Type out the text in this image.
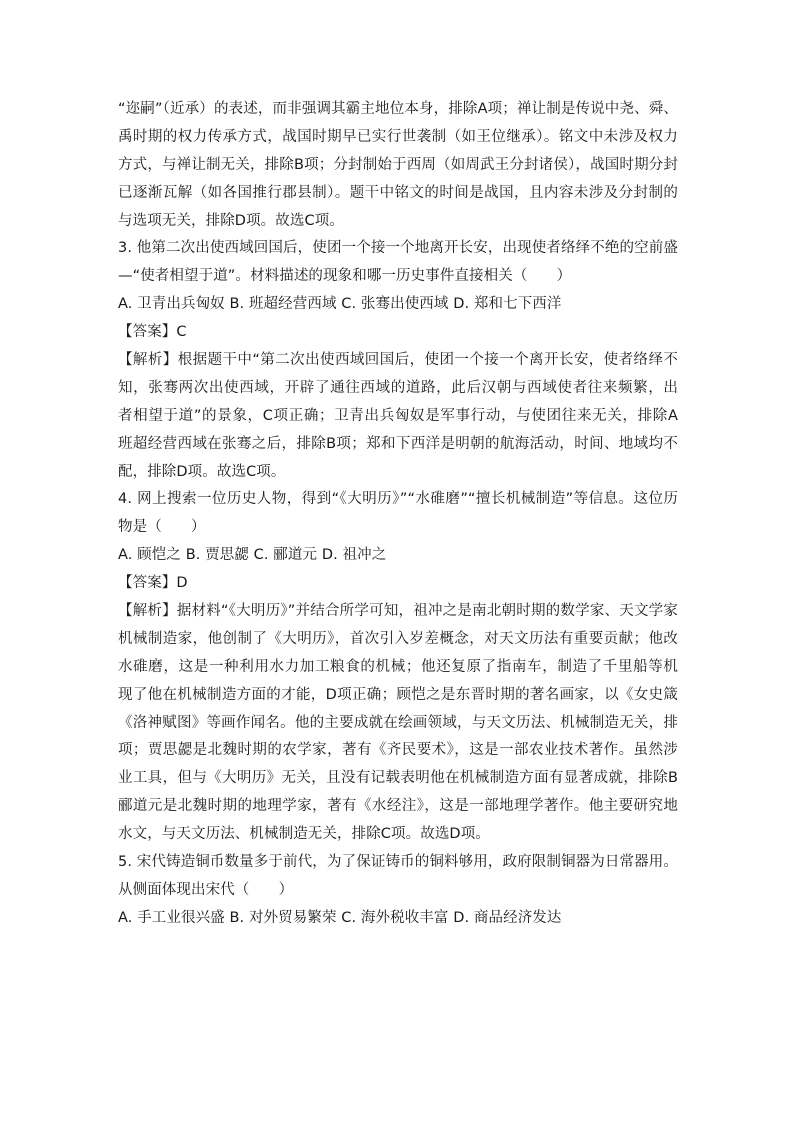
“迩嗣”（近承）的表述，而非强调其霸主地位本身，排除A项；禅让制是传说中尧、舜、
禹时期的权力传承方式，战国时期早已实行世袭制（如王位继承）。铭文中未涉及权力
方式，与禅让制无关，排除B项；分封制始于西周（如周武王分封诸侯），战国时期分封
已逐渐瓦解（如各国推行郡县制）。题干中铭文的时间是战国，且内容未涉及分封制的
与选项无关，排除D项。故选C项。
3. 他第二次出使西域回国后，使团一个接一个地离开长安，出现使者络绎不绝的空前盛
—“使者相望于道”。材料描述的现象和哪一历史事件直接相关（　　）
A. 卫青出兵匈奴 B. 班超经营西域 C. 张骞出使西域 D. 郑和七下西洋
【答案】C
【解析】根据题干中“第二次出使西域回国后，使团一个接一个离开长安，使者络绎不
知，张骞两次出使西域，开辟了通往西域的道路，此后汉朝与西域使者往来频繁，出
者相望于道”的景象，C项正确；卫青出兵匈奴是军事行动，与使团往来无关，排除A
班超经营西域在张骞之后，排除B项；郑和下西洋是明朝的航海活动，时间、地域均不
配，排除D项。故选C项。
4. 网上搜索一位历史人物，得到“《大明历》”“水碓磨”“擅长机械制造”等信息。这位历
物是（　　）
A. 顾恺之 B. 贾思勰 C. 郦道元 D. 祖冲之
【答案】D
【解析】据材料“《大明历》”并结合所学可知，祖冲之是南北朝时期的数学家、天文学家
机械制造家，他创制了《大明历》，首次引入岁差概念，对天文历法有重要贡献；他改
水碓磨，这是一种利用水力加工粮食的机械；他还复原了指南车，制造了千里船等机
现了他在机械制造方面的才能，D项正确；顾恺之是东晋时期的著名画家，以《女史箴
《洛神赋图》等画作闻名。他的主要成就在绘画领域，与天文历法、机械制造无关，排
项；贾思勰是北魏时期的农学家，著有《齐民要术》，这是一部农业技术著作。虽然涉
业工具，但与《大明历》无关，且没有记载表明他在机械制造方面有显著成就，排除B
郦道元是北魏时期的地理学家，著有《水经注》，这是一部地理学著作。他主要研究地
水文，与天文历法、机械制造无关，排除C项。故选D项。
5. 宋代铸造铜币数量多于前代，为了保证铸币的铜料够用，政府限制铜器为日常器用。
从侧面体现出宋代（　　）
A. 手工业很兴盛 B. 对外贸易繁荣 C. 海外税收丰富 D. 商品经济发达
